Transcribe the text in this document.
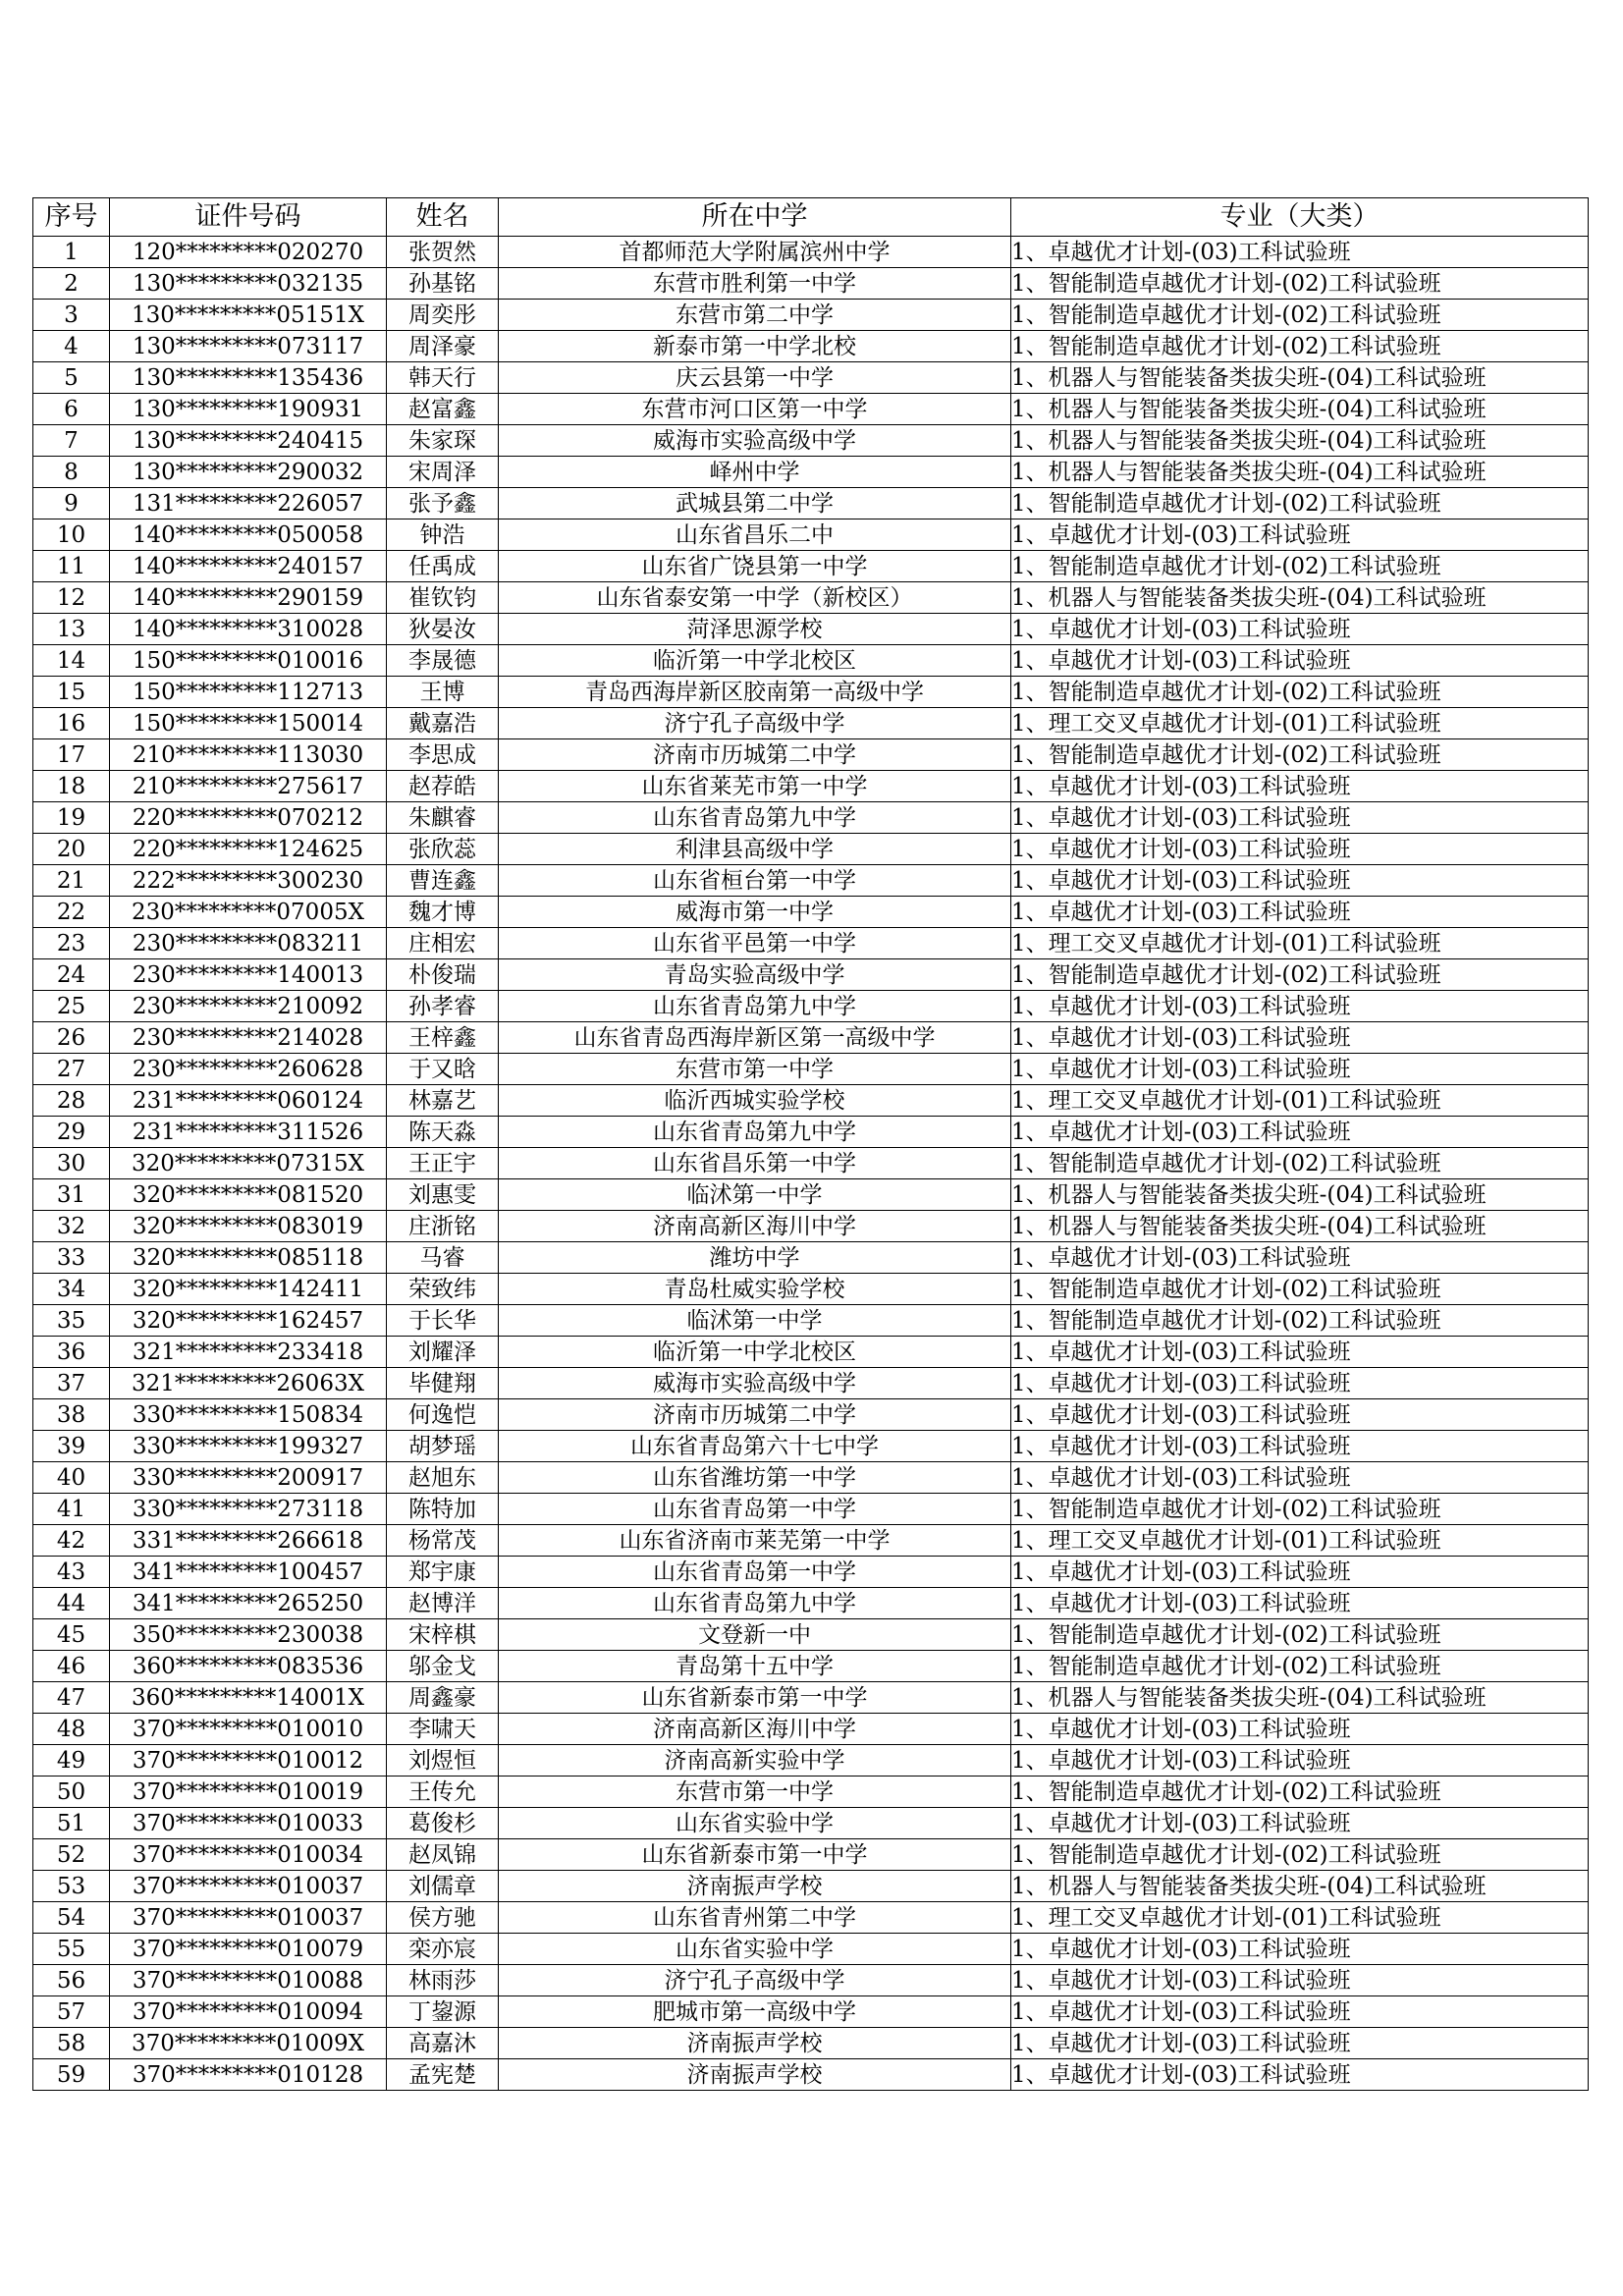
序号	证件号码	姓名	所在中学	专业（大类）
1	120*********020270	张贺然	首都师范大学附属滨州中学	1、卓越优才计划-(03)工科试验班
2	130*********032135	孙基铭	东营市胜利第一中学	1、智能制造卓越优才计划-(02)工科试验班
3	130*********05151X	周奕彤	东营市第二中学	1、智能制造卓越优才计划-(02)工科试验班
4	130*********073117	周泽豪	新泰市第一中学北校	1、智能制造卓越优才计划-(02)工科试验班
5	130*********135436	韩天行	庆云县第一中学	1、机器人与智能装备类拔尖班-(04)工科试验班
6	130*********190931	赵富鑫	东营市河口区第一中学	1、机器人与智能装备类拔尖班-(04)工科试验班
7	130*********240415	朱家琛	威海市实验高级中学	1、机器人与智能装备类拔尖班-(04)工科试验班
8	130*********290032	宋周泽	峄州中学	1、机器人与智能装备类拔尖班-(04)工科试验班
9	131*********226057	张予鑫	武城县第二中学	1、智能制造卓越优才计划-(02)工科试验班
10	140*********050058	钟浩	山东省昌乐二中	1、卓越优才计划-(03)工科试验班
11	140*********240157	任禹成	山东省广饶县第一中学	1、智能制造卓越优才计划-(02)工科试验班
12	140*********290159	崔钦钧	山东省泰安第一中学（新校区）	1、机器人与智能装备类拔尖班-(04)工科试验班
13	140*********310028	狄晏汝	菏泽思源学校	1、卓越优才计划-(03)工科试验班
14	150*********010016	李晟德	临沂第一中学北校区	1、卓越优才计划-(03)工科试验班
15	150*********112713	王博	青岛西海岸新区胶南第一高级中学	1、智能制造卓越优才计划-(02)工科试验班
16	150*********150014	戴嘉浩	济宁孔子高级中学	1、理工交叉卓越优才计划-(01)工科试验班
17	210*********113030	李思成	济南市历城第二中学	1、智能制造卓越优才计划-(02)工科试验班
18	210*********275617	赵荐皓	山东省莱芜市第一中学	1、卓越优才计划-(03)工科试验班
19	220*********070212	朱麒睿	山东省青岛第九中学	1、卓越优才计划-(03)工科试验班
20	220*********124625	张欣蕊	利津县高级中学	1、卓越优才计划-(03)工科试验班
21	222*********300230	曹连鑫	山东省桓台第一中学	1、卓越优才计划-(03)工科试验班
22	230*********07005X	魏才博	威海市第一中学	1、卓越优才计划-(03)工科试验班
23	230*********083211	庄相宏	山东省平邑第一中学	1、理工交叉卓越优才计划-(01)工科试验班
24	230*********140013	朴俊瑞	青岛实验高级中学	1、智能制造卓越优才计划-(02)工科试验班
25	230*********210092	孙孝睿	山东省青岛第九中学	1、卓越优才计划-(03)工科试验班
26	230*********214028	王梓鑫	山东省青岛西海岸新区第一高级中学	1、卓越优才计划-(03)工科试验班
27	230*********260628	于又晗	东营市第一中学	1、卓越优才计划-(03)工科试验班
28	231*********060124	林嘉艺	临沂西城实验学校	1、理工交叉卓越优才计划-(01)工科试验班
29	231*********311526	陈天淼	山东省青岛第九中学	1、卓越优才计划-(03)工科试验班
30	320*********07315X	王正宇	山东省昌乐第一中学	1、智能制造卓越优才计划-(02)工科试验班
31	320*********081520	刘惠雯	临沭第一中学	1、机器人与智能装备类拔尖班-(04)工科试验班
32	320*********083019	庄浙铭	济南高新区海川中学	1、机器人与智能装备类拔尖班-(04)工科试验班
33	320*********085118	马睿	潍坊中学	1、卓越优才计划-(03)工科试验班
34	320*********142411	荣致纬	青岛杜威实验学校	1、智能制造卓越优才计划-(02)工科试验班
35	320*********162457	于长华	临沭第一中学	1、智能制造卓越优才计划-(02)工科试验班
36	321*********233418	刘耀泽	临沂第一中学北校区	1、卓越优才计划-(03)工科试验班
37	321*********26063X	毕健翔	威海市实验高级中学	1、卓越优才计划-(03)工科试验班
38	330*********150834	何逸恺	济南市历城第二中学	1、卓越优才计划-(03)工科试验班
39	330*********199327	胡梦瑶	山东省青岛第六十七中学	1、卓越优才计划-(03)工科试验班
40	330*********200917	赵旭东	山东省潍坊第一中学	1、卓越优才计划-(03)工科试验班
41	330*********273118	陈特加	山东省青岛第一中学	1、智能制造卓越优才计划-(02)工科试验班
42	331*********266618	杨常茂	山东省济南市莱芜第一中学	1、理工交叉卓越优才计划-(01)工科试验班
43	341*********100457	郑宇康	山东省青岛第一中学	1、卓越优才计划-(03)工科试验班
44	341*********265250	赵博洋	山东省青岛第九中学	1、卓越优才计划-(03)工科试验班
45	350*********230038	宋梓棋	文登新一中	1、智能制造卓越优才计划-(02)工科试验班
46	360*********083536	邬金戈	青岛第十五中学	1、智能制造卓越优才计划-(02)工科试验班
47	360*********14001X	周鑫豪	山东省新泰市第一中学	1、机器人与智能装备类拔尖班-(04)工科试验班
48	370*********010010	李啸天	济南高新区海川中学	1、卓越优才计划-(03)工科试验班
49	370*********010012	刘煜恒	济南高新实验中学	1、卓越优才计划-(03)工科试验班
50	370*********010019	王传允	东营市第一中学	1、智能制造卓越优才计划-(02)工科试验班
51	370*********010033	葛俊杉	山东省实验中学	1、卓越优才计划-(03)工科试验班
52	370*********010034	赵凤锦	山东省新泰市第一中学	1、智能制造卓越优才计划-(02)工科试验班
53	370*********010037	刘儒章	济南振声学校	1、机器人与智能装备类拔尖班-(04)工科试验班
54	370*********010037	侯方驰	山东省青州第二中学	1、理工交叉卓越优才计划-(01)工科试验班
55	370*********010079	栾亦宸	山东省实验中学	1、卓越优才计划-(03)工科试验班
56	370*********010088	林雨莎	济宁孔子高级中学	1、卓越优才计划-(03)工科试验班
57	370*********010094	丁鋆源	肥城市第一高级中学	1、卓越优才计划-(03)工科试验班
58	370*********01009X	高嘉沐	济南振声学校	1、卓越优才计划-(03)工科试验班
59	370*********010128	孟宪楚	济南振声学校	1、卓越优才计划-(03)工科试验班
